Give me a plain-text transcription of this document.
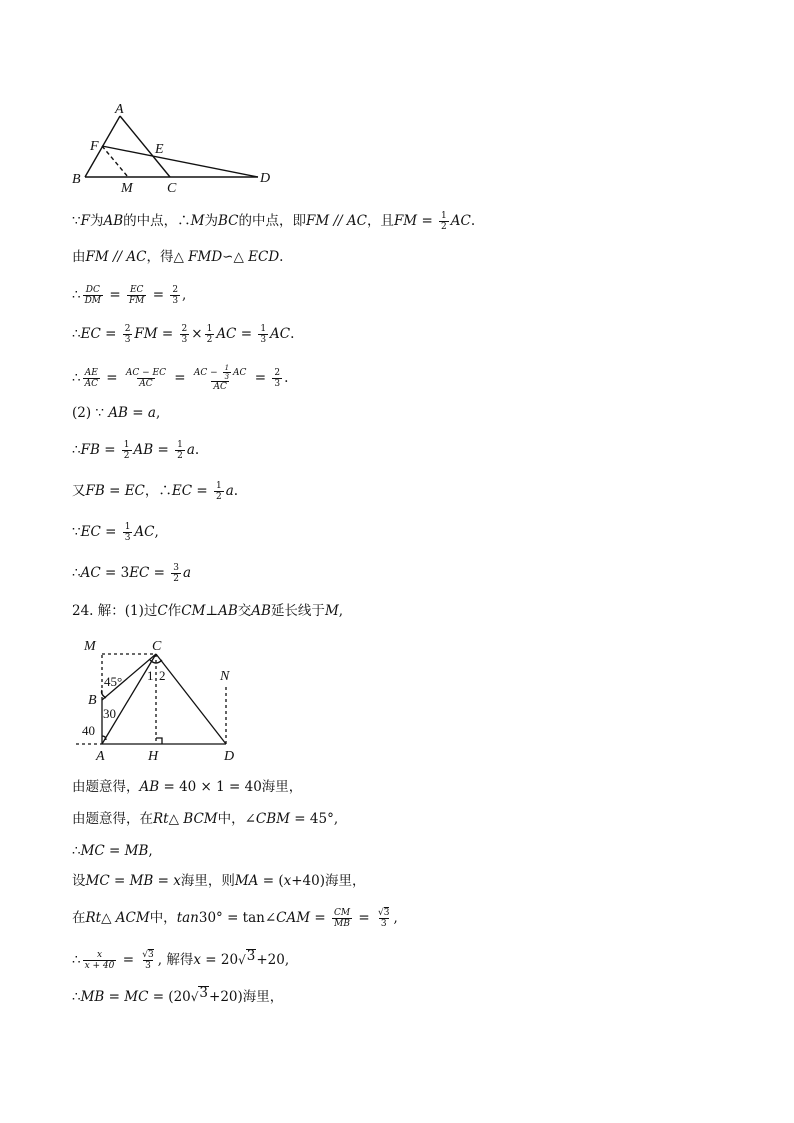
A
F	E
B
M C
D
∵ F 为 AB 的中点，∴ M 为 BC 的中点，即 FM // AC ，且 FM
=
$\frac{1}{2}$ AC .
由 FM // AC ，得△
FMD ∽△
ECD .
∴ $\frac{DC}{DM}$
=
$\frac{EC}{FM}$
=
$\frac{2}{3}$ ,
∴ EC
=
$\frac{2}{3}$ FM
=
$\frac{2}{3} \times \frac{1}{2}$ AC
=
$\frac{1}{3}$ AC .
∴ $\frac{AE}{AC}$
=
$\frac{AC - EC}{AC}$
=
$\frac{AC - \frac{1}{3} AC}{AC}$
=
$\frac{2}{3}$ .
(2) ∵
AB
=
a ,
∴ FB
=
$\frac{1}{2}$ AB
=
$\frac{1}{2}$ a .
又 FB
=
EC ，∴ EC
=
$\frac{1}{2}$ a .
∵ EC
=
$\frac{1}{3}$ AC ,
∴ AC
= 3 EC
=
$\frac{3}{2}$ a
24. 解：(1)过 C 作 CM ⊥ AB 交 AB 延长线于 M ,
M	C
N
B
A	H	D
45°
30
40
1 2
由题意得， AB
= 40 × 1 = 40海里，
由题意得，在 Rt △
BCM 中，∠ CBM
= 45°,
∴ MC
=
MB ,
设 MC
=
MB
=
x 海里，则 MA
= ( x +40)海里，
在 Rt △
ACM 中， tan 30° = tan∠ CAM
=
$\frac{CM}{MB}$
=
$\frac{√3}{3}$ ,
∴ $\frac{x}{x + 40}$
=
$\frac{√3}{3}$ , 解得 x
= 20 √ 3 +20,
∴ MB
=
MC
= (20 √ 3 +20)海里，
